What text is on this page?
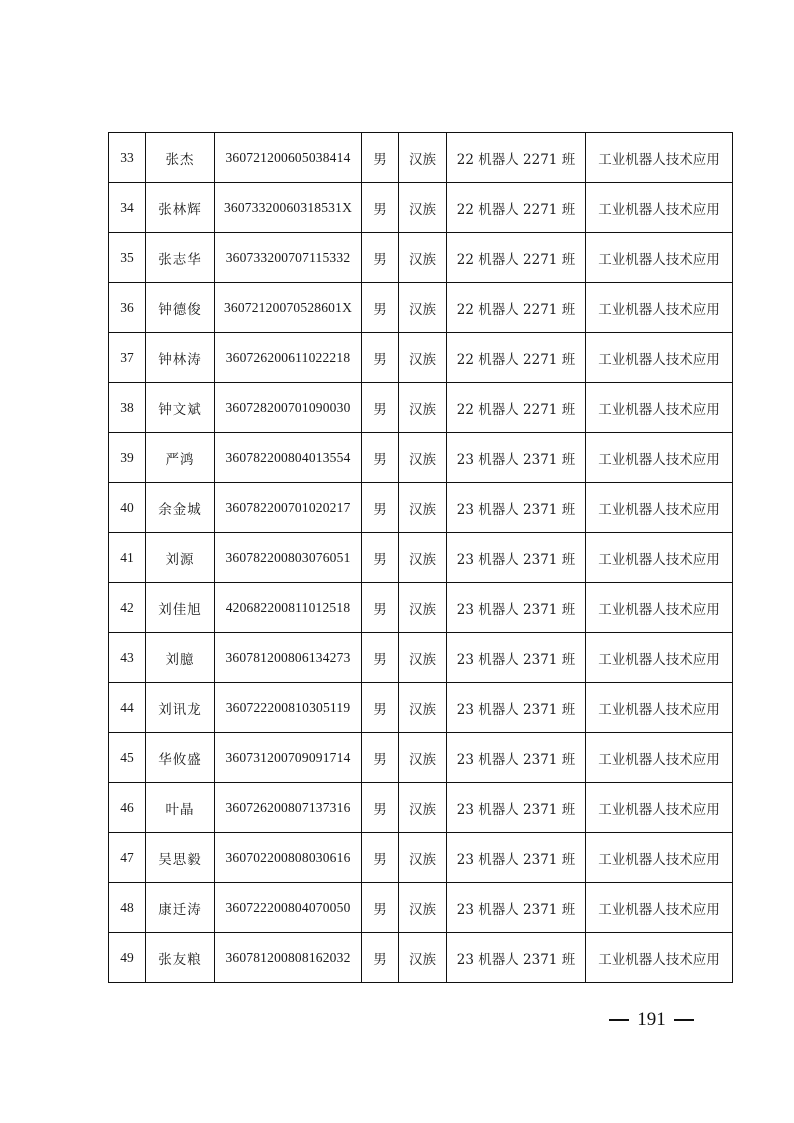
33	张杰	360721200605038414	男	汉族	22 机器人 2271 班	工业机器人技术应用
34	张林辉	36073320060318531X	男	汉族	22 机器人 2271 班	工业机器人技术应用
35	张志华	360733200707115332	男	汉族	22 机器人 2271 班	工业机器人技术应用
36	钟德俊	36072120070528601X	男	汉族	22 机器人 2271 班	工业机器人技术应用
37	钟林涛	360726200611022218	男	汉族	22 机器人 2271 班	工业机器人技术应用
38	钟文斌	360728200701090030	男	汉族	22 机器人 2271 班	工业机器人技术应用
39	严鸿	360782200804013554	男	汉族	23 机器人 2371 班	工业机器人技术应用
40	余金城	360782200701020217	男	汉族	23 机器人 2371 班	工业机器人技术应用
41	刘源	360782200803076051	男	汉族	23 机器人 2371 班	工业机器人技术应用
42	刘佳旭	420682200811012518	男	汉族	23 机器人 2371 班	工业机器人技术应用
43	刘臆	360781200806134273	男	汉族	23 机器人 2371 班	工业机器人技术应用
44	刘讯龙	360722200810305119	男	汉族	23 机器人 2371 班	工业机器人技术应用
45	华攸盛	360731200709091714	男	汉族	23 机器人 2371 班	工业机器人技术应用
46	叶晶	360726200807137316	男	汉族	23 机器人 2371 班	工业机器人技术应用
47	吴思毅	360702200808030616	男	汉族	23 机器人 2371 班	工业机器人技术应用
48	康迁涛	360722200804070050	男	汉族	23 机器人 2371 班	工业机器人技术应用
49	张友粮	360781200808162032	男	汉族	23 机器人 2371 班	工业机器人技术应用
191
